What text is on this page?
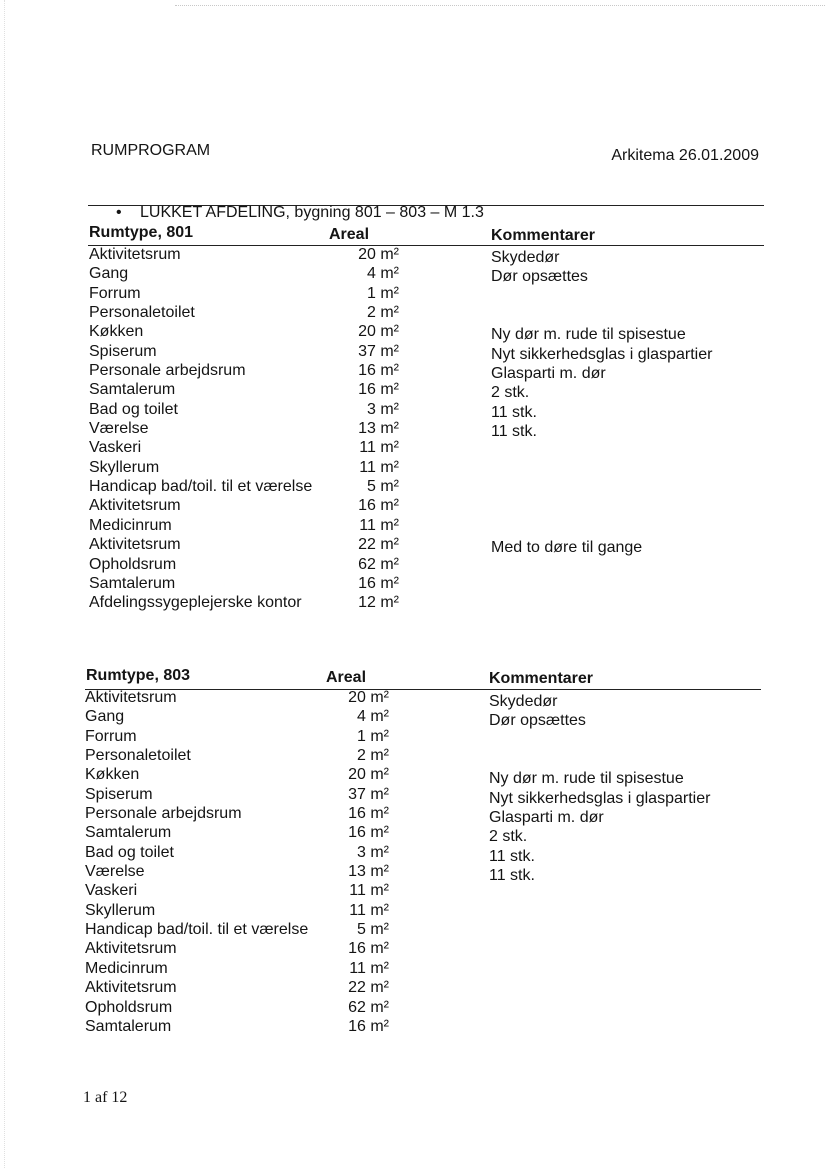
RUMPROGRAM	Arkitema 26.01.2009
• LUKKET AFDELING, bygning 801 – 803 – M 1.3
Rumtype, 801	Areal	Kommentarer
Aktivitetsrum	20 m²	Skydedør
Gang	4 m²	Dør opsættes
Forrum	1 m²
Personaletoilet	2 m²
Køkken	20 m²	Ny dør m. rude til spisestue
Spiserum	37 m²	Nyt sikkerhedsglas i glaspartier
Personale arbejdsrum	16 m²	Glasparti m. dør
Samtalerum	16 m²	2 stk.
Bad og toilet	3 m²	11 stk.
Værelse	13 m²	11 stk.
Vaskeri	11 m²
Skyllerum	11 m²
Handicap bad/toil. til et værelse	5 m²
Aktivitetsrum	16 m²
Medicinrum	11 m²
Aktivitetsrum	22 m²	Med to døre til gange
Opholdsrum	62 m²
Samtalerum	16 m²
Afdelingssygeplejerske kontor	12 m²
Rumtype, 803	Areal	Kommentarer
Aktivitetsrum	20 m²	Skydedør
Gang	4 m²	Dør opsættes
Forrum	1 m²
Personaletoilet	2 m²
Køkken	20 m²	Ny dør m. rude til spisestue
Spiserum	37 m²	Nyt sikkerhedsglas i glaspartier
Personale arbejdsrum	16 m²	Glasparti m. dør
Samtalerum	16 m²	2 stk.
Bad og toilet	3 m²	11 stk.
Værelse	13 m²	11 stk.
Vaskeri	11 m²
Skyllerum	11 m²
Handicap bad/toil. til et værelse	5 m²
Aktivitetsrum	16 m²
Medicinrum	11 m²
Aktivitetsrum	22 m²
Opholdsrum	62 m²
Samtalerum	16 m²
1 af 12
